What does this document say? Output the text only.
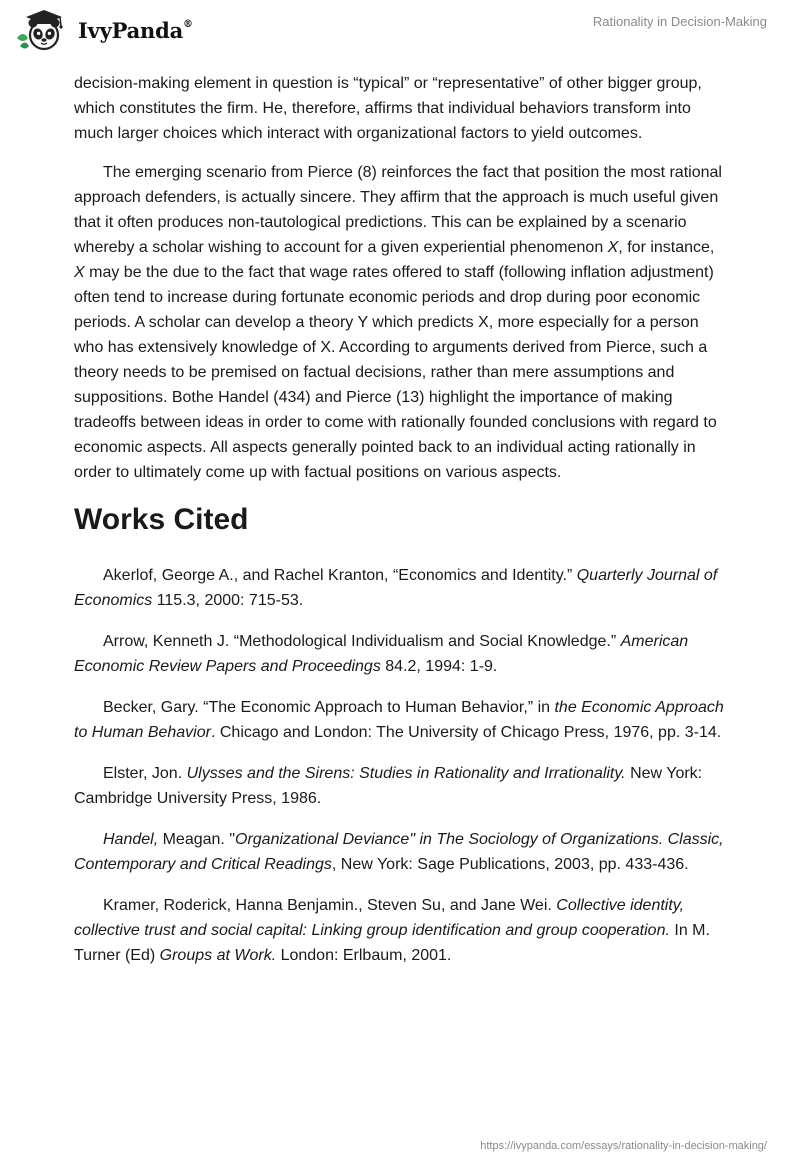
IvyPanda®	Rationality in Decision-Making

decision-making element in question is “typical” or “representative” of other bigger group, which constitutes the firm. He, therefore, affirms that individual behaviors transform into much larger choices which interact with organizational factors to yield outcomes.

The emerging scenario from Pierce (8) reinforces the fact that position the most rational approach defenders, is actually sincere. They affirm that the approach is much useful given that it often produces non-tautological predictions. This can be explained by a scenario whereby a scholar wishing to account for a given experiential phenomenon X, for instance, X may be the due to the fact that wage rates offered to staff (following inflation adjustment) often tend to increase during fortunate economic periods and drop during poor economic periods. A scholar can develop a theory Y which predicts X, more especially for a person who has extensively knowledge of X. According to arguments derived from Pierce, such a theory needs to be premised on factual decisions, rather than mere assumptions and suppositions. Bothe Handel (434) and Pierce (13) highlight the importance of making tradeoffs between ideas in order to come with rationally founded conclusions with regard to economic aspects. All aspects generally pointed back to an individual acting rationally in order to ultimately come up with factual positions on various aspects.

Works Cited

Akerlof, George A., and Rachel Kranton, “Economics and Identity.” Quarterly Journal of Economics 115.3, 2000: 715-53.

Arrow, Kenneth J. “Methodological Individualism and Social Knowledge.” American Economic Review Papers and Proceedings 84.2, 1994: 1-9.

Becker, Gary. “The Economic Approach to Human Behavior,” in the Economic Approach to Human Behavior. Chicago and London: The University of Chicago Press, 1976, pp. 3-14.

Elster, Jon. Ulysses and the Sirens: Studies in Rationality and Irrationality. New York: Cambridge University Press, 1986.

Handel, Meagan. "Organizational Deviance" in The Sociology of Organizations. Classic, Contemporary and Critical Readings, New York: Sage Publications, 2003, pp. 433-436.

Kramer, Roderick, Hanna Benjamin., Steven Su, and Jane Wei. Collective identity, collective trust and social capital: Linking group identification and group cooperation. In M. Turner (Ed) Groups at Work. London: Erlbaum, 2001.

https://ivypanda.com/essays/rationality-in-decision-making/
